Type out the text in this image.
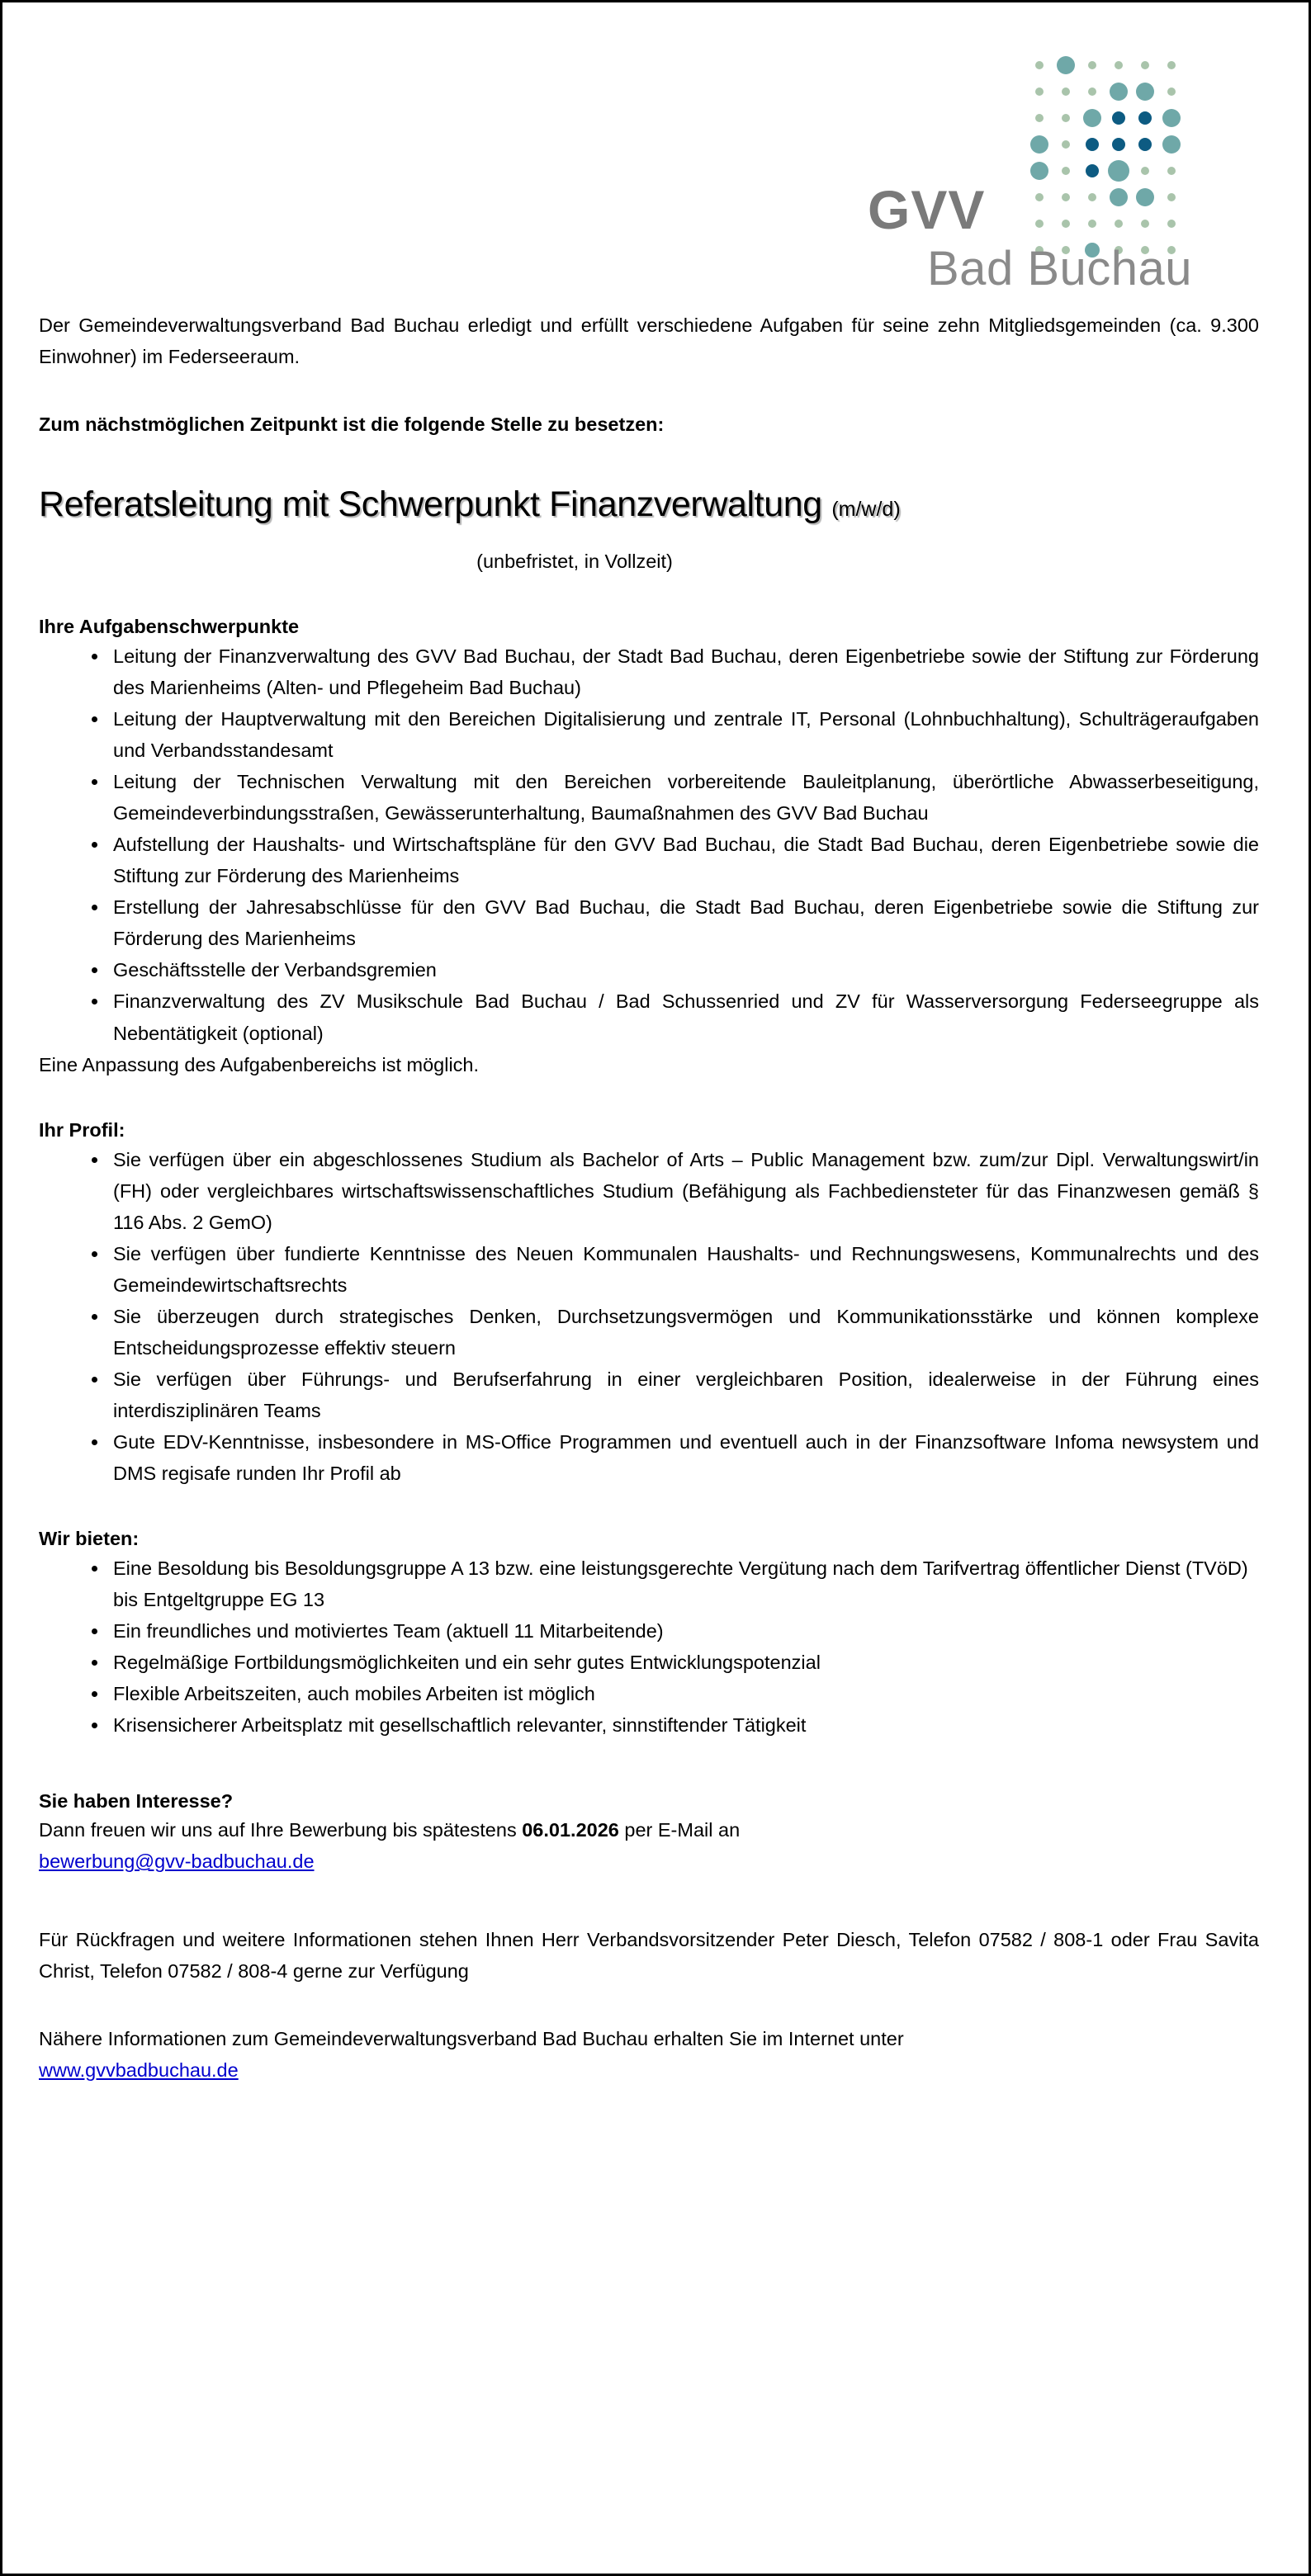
GVV
Bad Buchau

Der Gemeindeverwaltungsverband Bad Buchau erledigt und erfüllt verschiedene Aufgaben für seine zehn Mitgliedsgemeinden (ca. 9.300 Einwohner) im Federseeraum.

Zum nächstmöglichen Zeitpunkt ist die folgende Stelle zu besetzen:

Referatsleitung mit Schwerpunkt Finanzverwaltung (m/w/d)

(unbefristet, in Vollzeit)

Ihre Aufgabenschwerpunkte
Leitung der Finanzverwaltung des GVV Bad Buchau, der Stadt Bad Buchau, deren Eigenbetriebe sowie der Stiftung zur Förderung des Marienheims (Alten- und Pflegeheim Bad Buchau)
Leitung der Hauptverwaltung mit den Bereichen Digitalisierung und zentrale IT, Personal (Lohnbuchhaltung), Schulträgeraufgaben und Verbandsstandesamt
Leitung der Technischen Verwaltung mit den Bereichen vorbereitende Bauleitplanung, überörtliche Abwasserbeseitigung, Gemeindeverbindungsstraßen, Gewässerunterhaltung, Baumaßnahmen des GVV Bad Buchau
Aufstellung der Haushalts- und Wirtschaftspläne für den GVV Bad Buchau, die Stadt Bad Buchau, deren Eigenbetriebe sowie die Stiftung zur Förderung des Marienheims
Erstellung der Jahresabschlüsse für den GVV Bad Buchau, die Stadt Bad Buchau, deren Eigenbetriebe sowie die Stiftung zur Förderung des Marienheims
Geschäftsstelle der Verbandsgremien
Finanzverwaltung des ZV Musikschule Bad Buchau / Bad Schussenried und ZV für Wasserversorgung Federseegruppe als Nebentätigkeit (optional)

Eine Anpassung des Aufgabenbereichs ist möglich.

Ihr Profil:
Sie verfügen über ein abgeschlossenes Studium als Bachelor of Arts – Public Management bzw. zum/zur Dipl. Verwaltungswirt/in (FH) oder vergleichbares wirtschaftswissenschaftliches Studium (Befähigung als Fachbediensteter für das Finanzwesen gemäß § 116 Abs. 2 GemO)
Sie verfügen über fundierte Kenntnisse des Neuen Kommunalen Haushalts- und Rechnungswesens, Kommunalrechts und des Gemeindewirtschaftsrechts
Sie überzeugen durch strategisches Denken, Durchsetzungsvermögen und Kommunikationsstärke und können komplexe Entscheidungsprozesse effektiv steuern
Sie verfügen über Führungs- und Berufserfahrung in einer vergleichbaren Position, idealerweise in der Führung eines interdisziplinären Teams
Gute EDV-Kenntnisse, insbesondere in MS-Office Programmen und eventuell auch in der Finanzsoftware Infoma newsystem und DMS regisafe runden Ihr Profil ab
Wir bieten:
Eine Besoldung bis Besoldungsgruppe A 13 bzw. eine leistungsgerechte Vergütung nach dem Tarifvertrag öffentlicher Dienst (TVöD) bis Entgeltgruppe EG 13
Ein freundliches und motiviertes Team (aktuell 11 Mitarbeitende)
Regelmäßige Fortbildungsmöglichkeiten und ein sehr gutes Entwicklungspotenzial
Flexible Arbeitszeiten, auch mobiles Arbeiten ist möglich
Krisensicherer Arbeitsplatz mit gesellschaftlich relevanter, sinnstiftender Tätigkeit
Sie haben Interesse?

Dann freuen wir uns auf Ihre Bewerbung bis spätestens 06.01.2026 per E-Mail an

bewerbung@gvv-badbuchau.de

Für Rückfragen und weitere Informationen stehen Ihnen Herr Verbandsvorsitzender Peter Diesch, Telefon 07582 / 808-1 oder Frau Savita Christ, Telefon 07582 / 808-4 gerne zur Verfügung

Nähere Informationen zum Gemeindeverwaltungsverband Bad Buchau erhalten Sie im Internet unter

www.gvvbadbuchau.de
